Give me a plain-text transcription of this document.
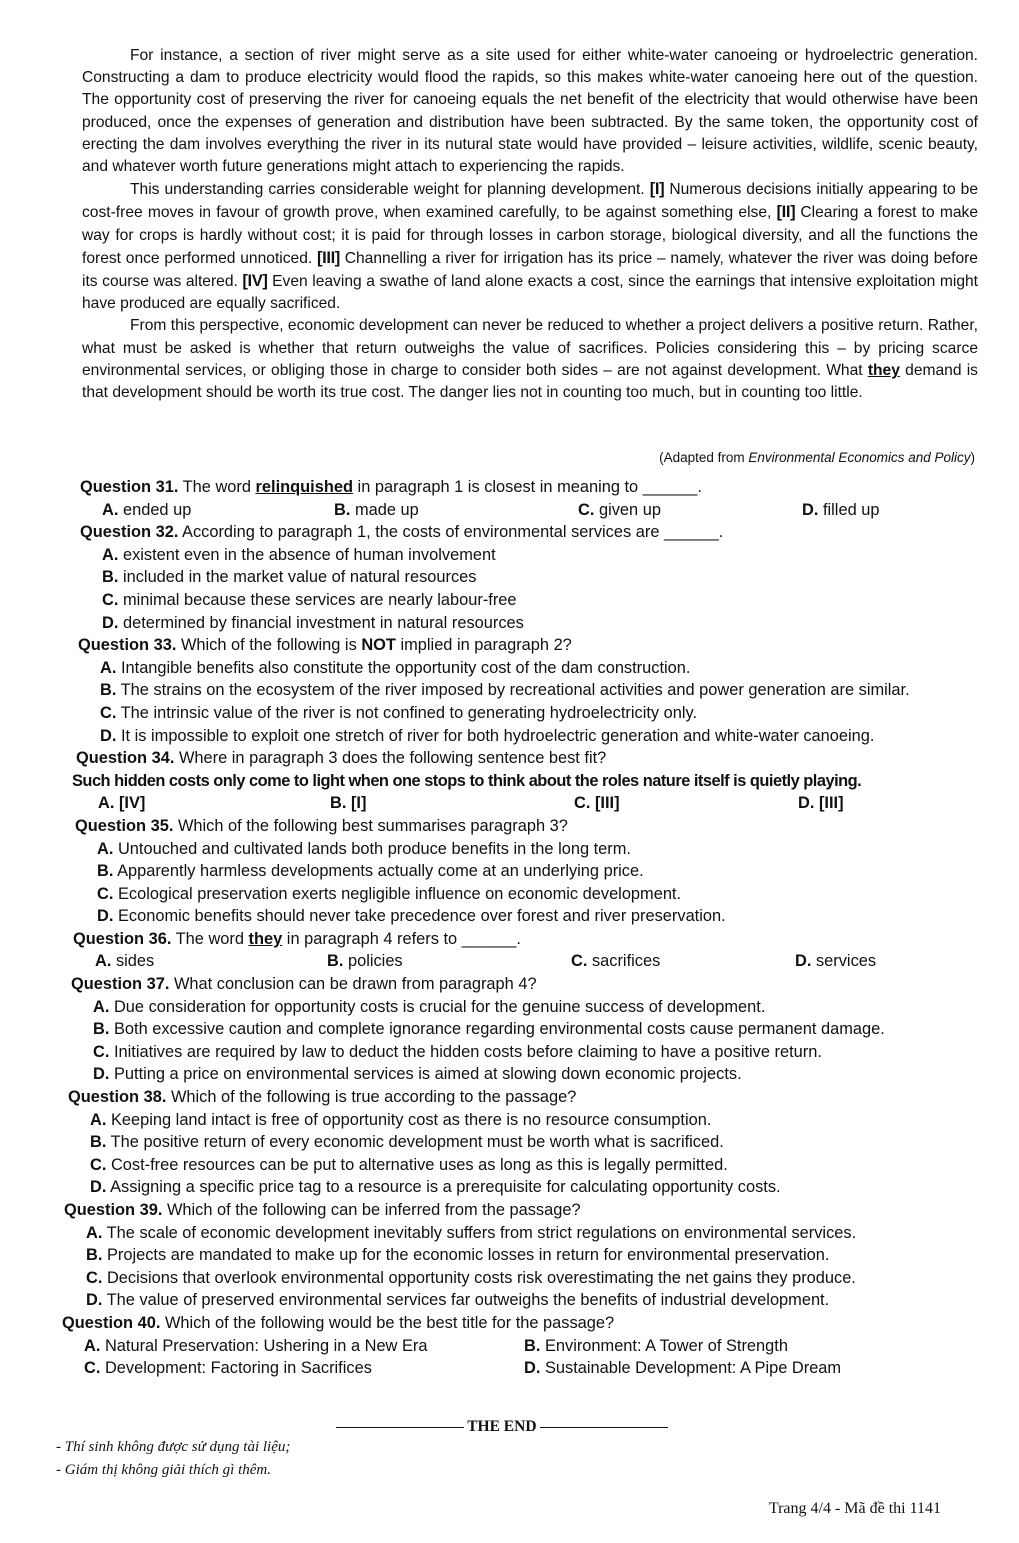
For instance, a section of river might serve as a site used for either white-water canoeing or hydroelectric generation. Constructing a dam to produce electricity would flood the rapids, so this makes white-water canoeing here out of the question. The opportunity cost of preserving the river for canoeing equals the net benefit of the electricity that would otherwise have been produced, once the expenses of generation and distribution have been subtracted. By the same token, the opportunity cost of erecting the dam involves everything the river in its nutural state would have provided – leisure activities, wildlife, scenic beauty, and whatever worth future generations might attach to experiencing the rapids.

This understanding carries considerable weight for planning development. [I] Numerous decisions initially appearing to be cost-free moves in favour of growth prove, when examined carefully, to be against something else, [II] Clearing a forest to make way for crops is hardly without cost; it is paid for through losses in carbon storage, biological diversity, and all the functions the forest once performed unnoticed. [III] Channelling a river for irrigation has its price – namely, whatever the river was doing before its course was altered. [IV] Even leaving a swathe of land alone exacts a cost, since the earnings that intensive exploitation might have produced are equally sacrificed.

From this perspective, economic development can never be reduced to whether a project delivers a positive return. Rather, what must be asked is whether that return outweighs the value of sacrifices. Policies considering this – by pricing scarce environmental services, or obliging those in charge to consider both sides – are not against development. What they demand is that development should be worth its true cost. The danger lies not in counting too much, but in counting too little.

(Adapted from Environmental Economics and Policy)
Question 31. The word relinquished in paragraph 1 is closest in meaning to ______.
A. ended up	B. made up	C. given up	D. filled up
Question 32. According to paragraph 1, the costs of environmental services are ______.
A. existent even in the absence of human involvement
B. included in the market value of natural resources
C. minimal because these services are nearly labour-free
D. determined by financial investment in natural resources
Question 33. Which of the following is NOT implied in paragraph 2?
A. Intangible benefits also constitute the opportunity cost of the dam construction.
B. The strains on the ecosystem of the river imposed by recreational activities and power generation are similar.
C. The intrinsic value of the river is not confined to generating hydroelectricity only.
D. It is impossible to exploit one stretch of river for both hydroelectric generation and white-water canoeing.
Question 34. Where in paragraph 3 does the following sentence best fit?
Such hidden costs only come to light when one stops to think about the roles nature itself is quietly playing.
A. [IV]	B. [I]	C. [III]	D. [III]
Question 35. Which of the following best summarises paragraph 3?
A. Untouched and cultivated lands both produce benefits in the long term.
B. Apparently harmless developments actually come at an underlying price.
C. Ecological preservation exerts negligible influence on economic development.
D. Economic benefits should never take precedence over forest and river preservation.
Question 36. The word they in paragraph 4 refers to ______.
A. sides	B. policies	C. sacrifices	D. services
Question 37. What conclusion can be drawn from paragraph 4?
A. Due consideration for opportunity costs is crucial for the genuine success of development.
B. Both excessive caution and complete ignorance regarding environmental costs cause permanent damage.
C. Initiatives are required by law to deduct the hidden costs before claiming to have a positive return.
D. Putting a price on environmental services is aimed at slowing down economic projects.
Question 38. Which of the following is true according to the passage?
A. Keeping land intact is free of opportunity cost as there is no resource consumption.
B. The positive return of every economic development must be worth what is sacrificed.
C. Cost-free resources can be put to alternative uses as long as this is legally permitted.
D. Assigning a specific price tag to a resource is a prerequisite for calculating opportunity costs.
Question 39. Which of the following can be inferred from the passage?
A. The scale of economic development inevitably suffers from strict regulations on environmental services.
B. Projects are mandated to make up for the economic losses in return for environmental preservation.
C. Decisions that overlook environmental opportunity costs risk overestimating the net gains they produce.
D. The value of preserved environmental services far outweighs the benefits of industrial development.
Question 40. Which of the following would be the best title for the passage?
A. Natural Preservation: Ushering in a New Era	B. Environment: A Tower of Strength
C. Development: Factoring in Sacrifices	D. Sustainable Development: A Pipe Dream
THE END
- Thí sinh không được sử dụng tài liệu;
- Giám thị không giải thích gì thêm.
Trang 4/4 - Mã đề thi 1141
